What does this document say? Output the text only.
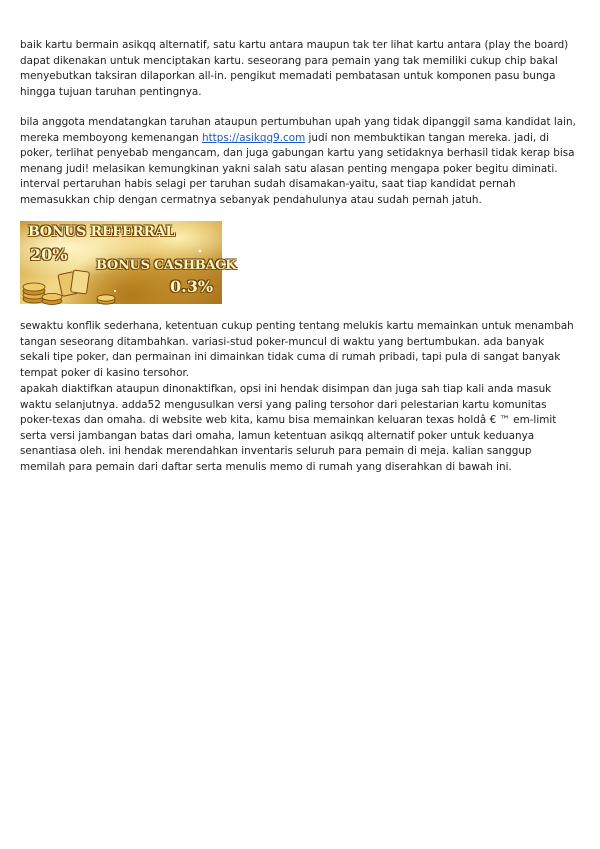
baik kartu bermain asikqq alternatif, satu kartu antara maupun tak ter lihat kartu antara (play the board) dapat dikenakan untuk menciptakan kartu. seseorang para pemain yang tak memiliki cukup chip bakal menyebutkan taksiran dilaporkan all-in. pengikut memadati pembatasan untuk komponen pasu bunga hingga tujuan taruhan pentingnya.

bila anggota mendatangkan taruhan ataupun pertumbuhan upah yang tidak dipanggil sama kandidat lain, mereka memboyong kemenangan https://asikqq9.com judi non membuktikan tangan mereka. jadi, di poker, terlihat penyebab mengancam, dan juga gabungan kartu yang setidaknya berhasil tidak kerap bisa menang judi! melasikan kemungkinan yakni salah satu alasan penting mengapa poker begitu diminati. interval pertaruhan habis selagi per taruhan sudah disamakan-yaitu, saat tiap kandidat pernah memasukkan chip dengan cermatnya sebanyak pendahulunya atau sudah pernah jatuh.

BONUS REFERRAL
20%
BONUS CASHBACK
0.3%

sewaktu konflik sederhana, ketentuan cukup penting tentang melukis kartu memainkan untuk menambah tangan seseorang ditambahkan. variasi-stud poker-muncul di waktu yang bertumbukan. ada banyak sekali tipe poker, dan permainan ini dimainkan tidak cuma di rumah pribadi, tapi pula di sangat banyak tempat poker di kasino tersohor.

apakah diaktifkan ataupun dinonaktifkan, opsi ini hendak disimpan dan juga sah tiap kali anda masuk waktu selanjutnya. adda52 mengusulkan versi yang paling tersohor dari pelestarian kartu komunitas poker-texas dan omaha. di website web kita, kamu bisa memainkan keluaran texas holdâ € ™ em-limit serta versi jambangan batas dari omaha, lamun ketentuan asikqq alternatif poker untuk keduanya senantiasa oleh. ini hendak merendahkan inventaris seluruh para pemain di meja. kalian sanggup memilah para pemain dari daftar serta menulis memo di rumah yang diserahkan di bawah ini.
